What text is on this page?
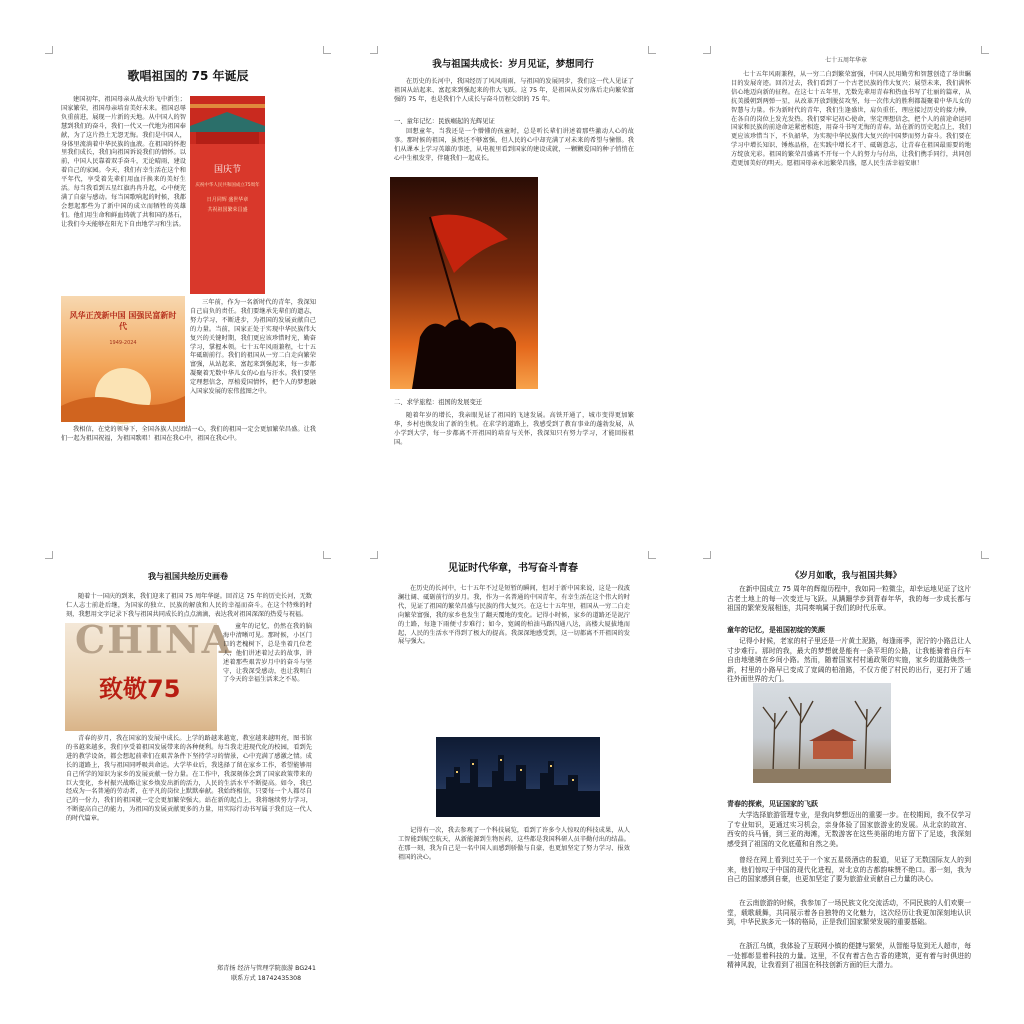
歌唱祖国的 75 年诞辰

建国初年，祖国母亲从战火纷飞中新生；国家繁荣，祖国母亲培育美好未来。祖国忍辱负重前进，展现一片新的天地。从中国人的智慧到我们的奋斗，我们一代又一代地为祖国奉献，为了这片热土无怨无悔。我们是中国人，身体里流淌着中华民族的血液。在祖国的怀抱里我们成长，我们向祖国诉说我们的情怀。以前，中国人民靠着双手奋斗，无论晴雨，建设着自己的家园。今天，我们有幸生活在这个和平年代，享受着先辈们用血汗换来的美好生活。每当我看到五星红旗冉冉升起，心中便充满了自豪与感动。每当国歌响起的时候，我都会想起那些为了新中国的成立而牺牲的英雄们。他们用生命和鲜血铸就了共和国的基石，让我们今天能够在阳光下自由地学习和生活。

国庆节
庆祝中华人民共和国成立75周年
日月同辉 盛世华章
共祝祖国繁荣昌盛

三年前，作为一名新时代的青年，我深知自己肩负的责任。我们要继承先辈们的遗志，努力学习，不断进步，为祖国的发展贡献自己的力量。当前，国家正处于实现中华民族伟大复兴的关键时期，我们更应该珍惜时光，勤奋学习，掌握本领。七十五年风雨兼程，七十五年砥砺前行。我们的祖国从一穷二白走向繁荣富强，从站起来、富起来到强起来，每一步都凝聚着无数中华儿女的心血与汗水。我们要坚定理想信念，厚植爱国情怀，把个人的梦想融入国家发展的宏伟蓝图之中。

风华正茂新中国 国强民富新时代
1949-2024

我相信，在党的领导下，全国各族人民团结一心，我们的祖国一定会更加繁荣昌盛。让我们一起为祖国祝福，为祖国歌唱！祖国在我心中，祖国在我心中。

我与祖国共成长：岁月见证，梦想同行

在历史的长河中，我国经历了风风雨雨，与祖国的发展同步，我们这一代人见证了祖国从站起来、富起来到强起来的伟大飞跃。这 75 年，是祖国从贫穷落后走向繁荣富强的 75 年，也是我们个人成长与奋斗历程交织的 75 年。

一、童年记忆：民族崛起的光辉见证

回想童年，当我还是一个懵懂的孩童时，总是听长辈们讲述着那些激动人心的故事。那时候的祖国，虽然还不够富强，但人民的心中却充满了对未来的希望与憧憬。我们从课本上学习英雄的事迹，从电视里看到国家的建设成就，一颗颗爱国的种子悄悄在心中生根发芽，伴随我们一起成长。

二、求学旅程：祖国的发展变迁

随着年岁的增长，我亲眼见证了祖国的飞速发展。高铁开通了，城市变得更加繁华，乡村也焕发出了新的生机。在求学的道路上，我感受到了教育事业的蓬勃发展，从小学到大学，每一步都离不开祖国的培育与关怀，我深知只有努力学习，才能回报祖国。

七十五周年华章

七十五年风雨兼程，从一穷二白到繁荣富强，中国人民用勤劳和智慧创造了举世瞩目的发展奇迹。回首过去，我们看到了一个古老民族的伟大复兴；展望未来，我们满怀信心地迈向新的征程。在这七十五年里，无数先辈用青春和热血书写了壮丽的篇章，从抗美援朝到两弹一星，从改革开放到脱贫攻坚，每一次伟大的胜利都凝聚着中华儿女的智慧与力量。作为新时代的青年，我们生逢盛世，肩负重任，理应接过历史的接力棒，在各自的岗位上发光发热。我们要牢记初心使命，坚定理想信念，把个人的前途命运同国家和民族的前途命运紧密相连，用奋斗书写无悔的青春。站在新的历史起点上，我们更应该珍惜当下，不负韶华，为实现中华民族伟大复兴的中国梦而努力奋斗。我们要在学习中增长知识、锤炼品格，在实践中增长才干、砥砺意志，让青春在祖国最需要的地方绽放光彩。祖国的繁荣昌盛离不开每一个人的努力与付出，让我们携手同行，共同创造更加美好的明天。愿祖国母亲永远繁荣昌盛，愿人民生活幸福安康！

我与祖国共绘历史画卷

随着十一国庆的到来，我们迎来了祖国 75 周年华诞。回首这 75 年的历史长河，无数仁人志士前赴后继，为国家的独立、民族的解放和人民的幸福而奋斗。在这个特殊的时刻，我想用文字记录下我与祖国共同成长的点点滴滴，表达我对祖国深深的热爱与祝福。

CHINA
致敬75

童年的记忆，仍然在我的脑海中清晰可见。那时候，小区门口的老槐树下，总是坐着几位老人，他们讲述着过去的故事，讲述着那些艰苦岁月中的奋斗与坚守，让我深受感动，也让我明白了今天的幸福生活来之不易。

青春的岁月，我在国家的发展中成长。上学的路越来越宽，教室越来越明亮，图书馆的书越来越多，我们享受着祖国发展带来的各种便利。每当我走进现代化的校园，看到先进的教学设备，都会想起前辈们在艰苦条件下坚持学习的情景，心中充满了感激之情。成长的道路上，我与祖国同呼吸共命运。大学毕业后，我选择了留在家乡工作，希望能够用自己所学的知识为家乡的发展贡献一份力量。在工作中，我深刻体会到了国家政策带来的巨大变化，乡村振兴战略让家乡焕发出新的活力，人民的生活水平不断提高。如今，我已经成为一名普通的劳动者，在平凡的岗位上默默奉献。我始终相信，只要每一个人都尽自己的一份力，我们的祖国就一定会更加繁荣强大。站在新的起点上，我将继续努力学习，不断提高自己的能力，为祖国的发展贡献更多的力量，用实际行动书写属于我们这一代人的时代篇章。

郑青扬 经济与管理学院旅游 BG241
联系方式 18742435308
见证时代华章，书写奋斗青春

在历史的长河中，七十五年不过是短暂的瞬间，但对于新中国来说，这是一段波澜壮阔、砥砺前行的岁月。我，作为一名普通的中国青年，有幸生活在这个伟大的时代，见证了祖国的繁荣昌盛与民族的伟大复兴。在这七十五年里，祖国从一穷二白走向繁荣富强，我的家乡也发生了翻天覆地的变化。记得小时候，家乡的道路还是泥泞的土路，每逢下雨便寸步难行；如今，宽阔的柏油马路四通八达，高楼大厦拔地而起，人民的生活水平得到了极大的提高。我深深地感受到，这一切都离不开祖国的发展与强大。

记得有一次，我去参观了一个科技展览，看到了许多令人惊叹的科技成果，从人工智能到航空航天，从新能源到生物医药，这些都是我国科研人员辛勤付出的结晶。在那一刻，我为自己是一名中国人而感到骄傲与自豪，也更加坚定了努力学习、报效祖国的决心。

《岁月如歌，我与祖国共舞》

在新中国成立 75 周年的辉煌历程中，我如同一粒微尘，却幸运地见证了这片古老土地上的每一次变迁与飞跃。从蹒跚学步到青春年华，我的每一步成长都与祖国的繁荣发展相连，共同奏响属于我们的时代乐章。

童年的记忆，是祖国初绽的笑颜

记得小时候，老家的村子里还是一片黄土泥路，每逢雨季，泥泞的小路总让人寸步难行。那时的我，最大的梦想就是能有一条平坦的公路，让我能骑着自行车自由地驰骋在乡间小路。然而，随着国家村村通政策的实施，家乡的道路焕然一新，村里的小路早已变成了宽阔的柏油路，不仅方便了村民的出行，更打开了通往外面世界的大门。

青春的探索，见证国家的飞跃

大学选择旅游管理专业，是我向梦想迈出的重要一步。在校期间，我不仅学习了专业知识，更通过实习机会，亲身体验了国家旅游业的发展。从北京的故宫、西安的兵马俑，到三亚的海滩，无数游客在这些美丽的地方留下了足迹，我深刻感受到了祖国的文化底蕴和自然之美。

曾经在网上看到过关于一个家五星级酒店的报道，见证了无数国际友人的到来，他们惊叹于中国的现代化进程，对北京的古都韵味赞不绝口。那一刻，我为自己的国家感到自豪，也更加坚定了要为旅游业贡献自己力量的决心。

在云南旅游的时候，我参加了一场民族文化交流活动，不同民族的人们欢聚一堂，载歌载舞，共同展示着各自独特的文化魅力，这次经历让我更加深刻地认识到，中华民族多元一体的格局，正是我们国家繁荣发展的重要基础。

在浙江乌镇，我体验了互联网小镇的便捷与繁荣，从智能导览到无人超市，每一处都彰显着科技的力量。这里，不仅有着古色古香的建筑，更有着与时俱进的精神风貌，让我看到了祖国在科技创新方面的巨大潜力。
